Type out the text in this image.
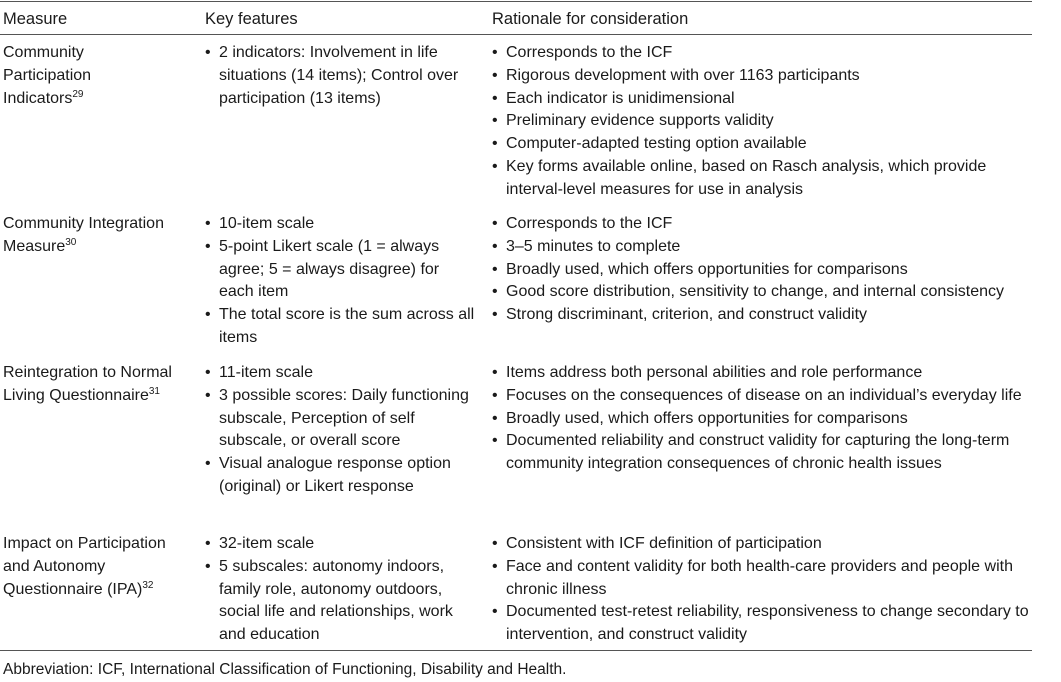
Measure	Key features	Rationale for consideration
Community Participation Indicators$^{29}$
• 2 indicators: Involvement in life situations (14 items); Control over participation (13 items)
• Corresponds to the ICF
• Rigorous development with over 1163 participants
• Each indicator is unidimensional
• Preliminary evidence supports validity
• Computer-adapted testing option available
• Key forms available online, based on Rasch analysis, which provide interval-level measures for use in analysis
Community Integration Measure$^{30}$
• 10-item scale
• 5-point Likert scale (1 = always agree; 5 = always disagree) for each item
• The total score is the sum across all items
• Corresponds to the ICF
• 3–5 minutes to complete
• Broadly used, which offers opportunities for comparisons
• Good score distribution, sensitivity to change, and internal consistency
• Strong discriminant, criterion, and construct validity
Reintegration to Normal Living Questionnaire$^{31}$
• 11-item scale
• 3 possible scores: Daily functioning subscale, Perception of self subscale, or overall score
• Visual analogue response option (original) or Likert response
• Items address both personal abilities and role performance
• Focuses on the consequences of disease on an individual’s everyday life
• Broadly used, which offers opportunities for comparisons
• Documented reliability and construct validity for capturing the long-term community integration consequences of chronic health issues
Impact on Participation and Autonomy Questionnaire (IPA)$^{32}$
• 32-item scale
• 5 subscales: autonomy indoors, family role, autonomy outdoors, social life and relationships, work and education
• Consistent with ICF definition of participation
• Face and content validity for both health-care providers and people with chronic illness
• Documented test-retest reliability, responsiveness to change secondary to intervention, and construct validity
Abbreviation: ICF, International Classification of Functioning, Disability and Health.
